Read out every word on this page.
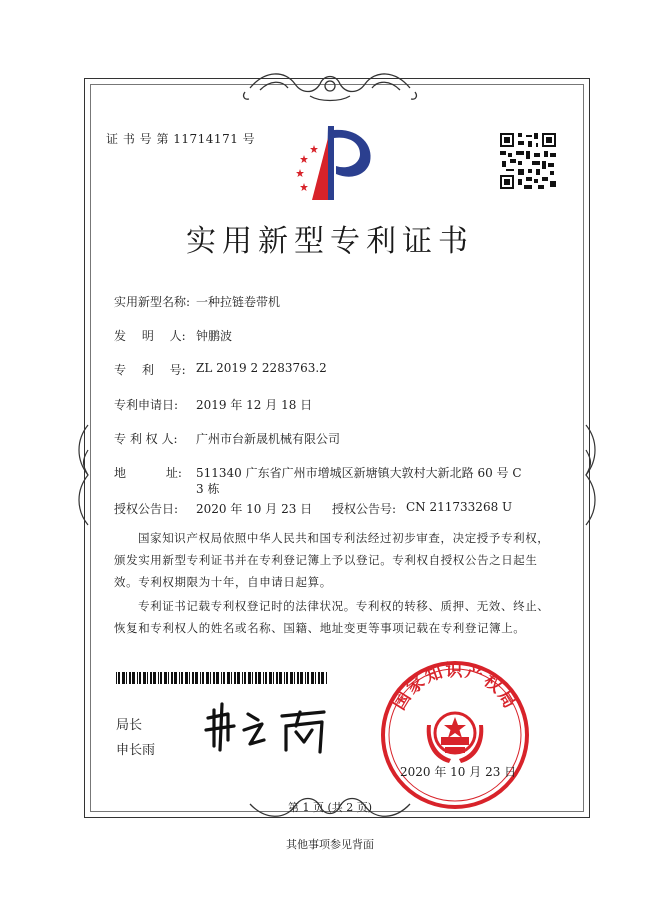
证 书 号 第 11714171 号
实用新型专利证书
实用新型名称: 一种拉链卷带机
发　 明　 人: 钟鹏波
专　 利　 号: ZL 2019 2 2283763.2
专利申请日: 2019 年 12 月 18 日
专 利 权 人: 广州市台新晟机械有限公司
地　　　 址: 511340 广东省广州市增城区新塘镇大敦村大新北路 60 号 C
3 栋
授权公告日: 2020 年 10 月 23 日 授权公告号: CN 211733268 U
国家知识产权局依照中华人民共和国专利法经过初步审查，决定授予专利权，颁发实用新型专利证书并在专利登记簿上予以登记。专利权自授权公告之日起生效。专利权期限为十年，自申请日起算。
专利证书记载专利权登记时的法律状况。专利权的转移、质押、无效、终止、恢复和专利权人的姓名或名称、国籍、地址变更等事项记载在专利登记簿上。
局长
申长雨
国家知识产权局
2020 年 10 月 23 日
第 1 页 (共 2 页)
其他事项参见背面
